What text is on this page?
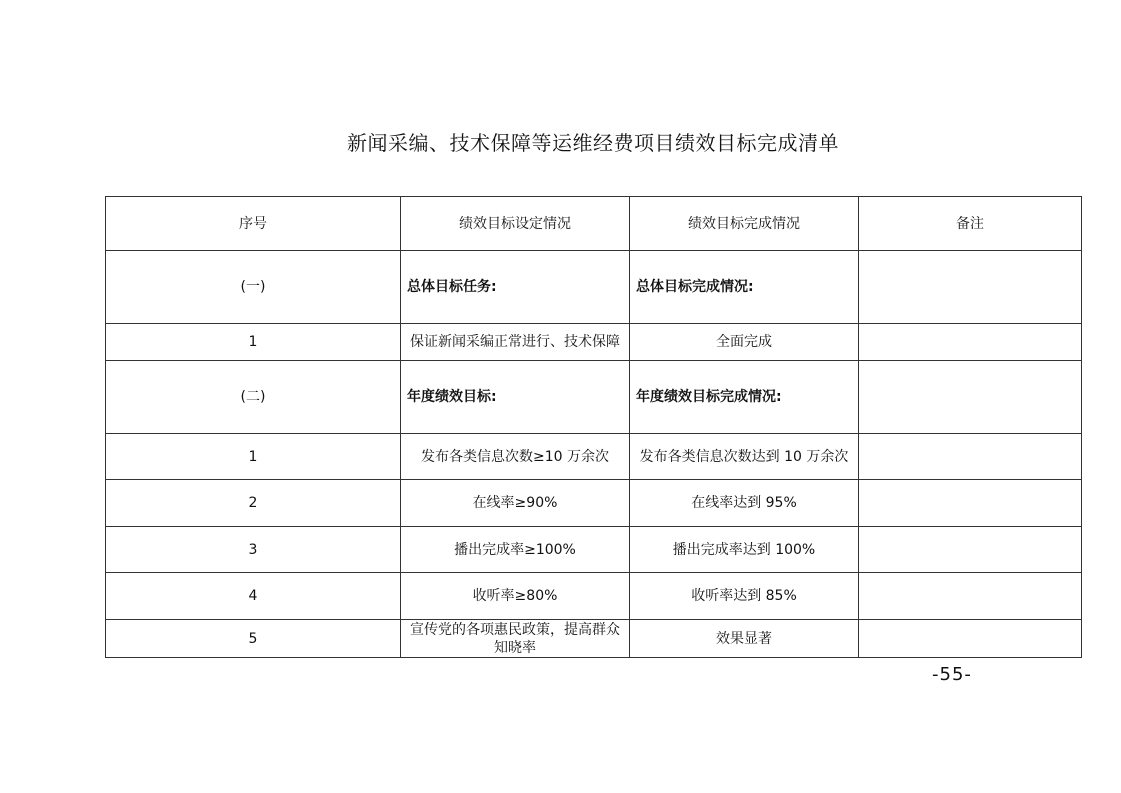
新闻采编、技术保障等运维经费项目绩效目标完成清单
序号	绩效目标设定情况	绩效目标完成情况	备注
(一)	总体目标任务:	总体目标完成情况:	
1	保证新闻采编正常进行、技术保障	全面完成	
(二)	年度绩效目标:	年度绩效目标完成情况:	
1	发布各类信息次数≥10 万余次	发布各类信息次数达到 10 万余次	
2	在线率≥90%	在线率达到 95%	
3	播出完成率≥100%	播出完成率达到 100%	
4	收听率≥80%	收听率达到 85%	
5	宣传党的各项惠民政策，提高群众知晓率	效果显著	
-55-
